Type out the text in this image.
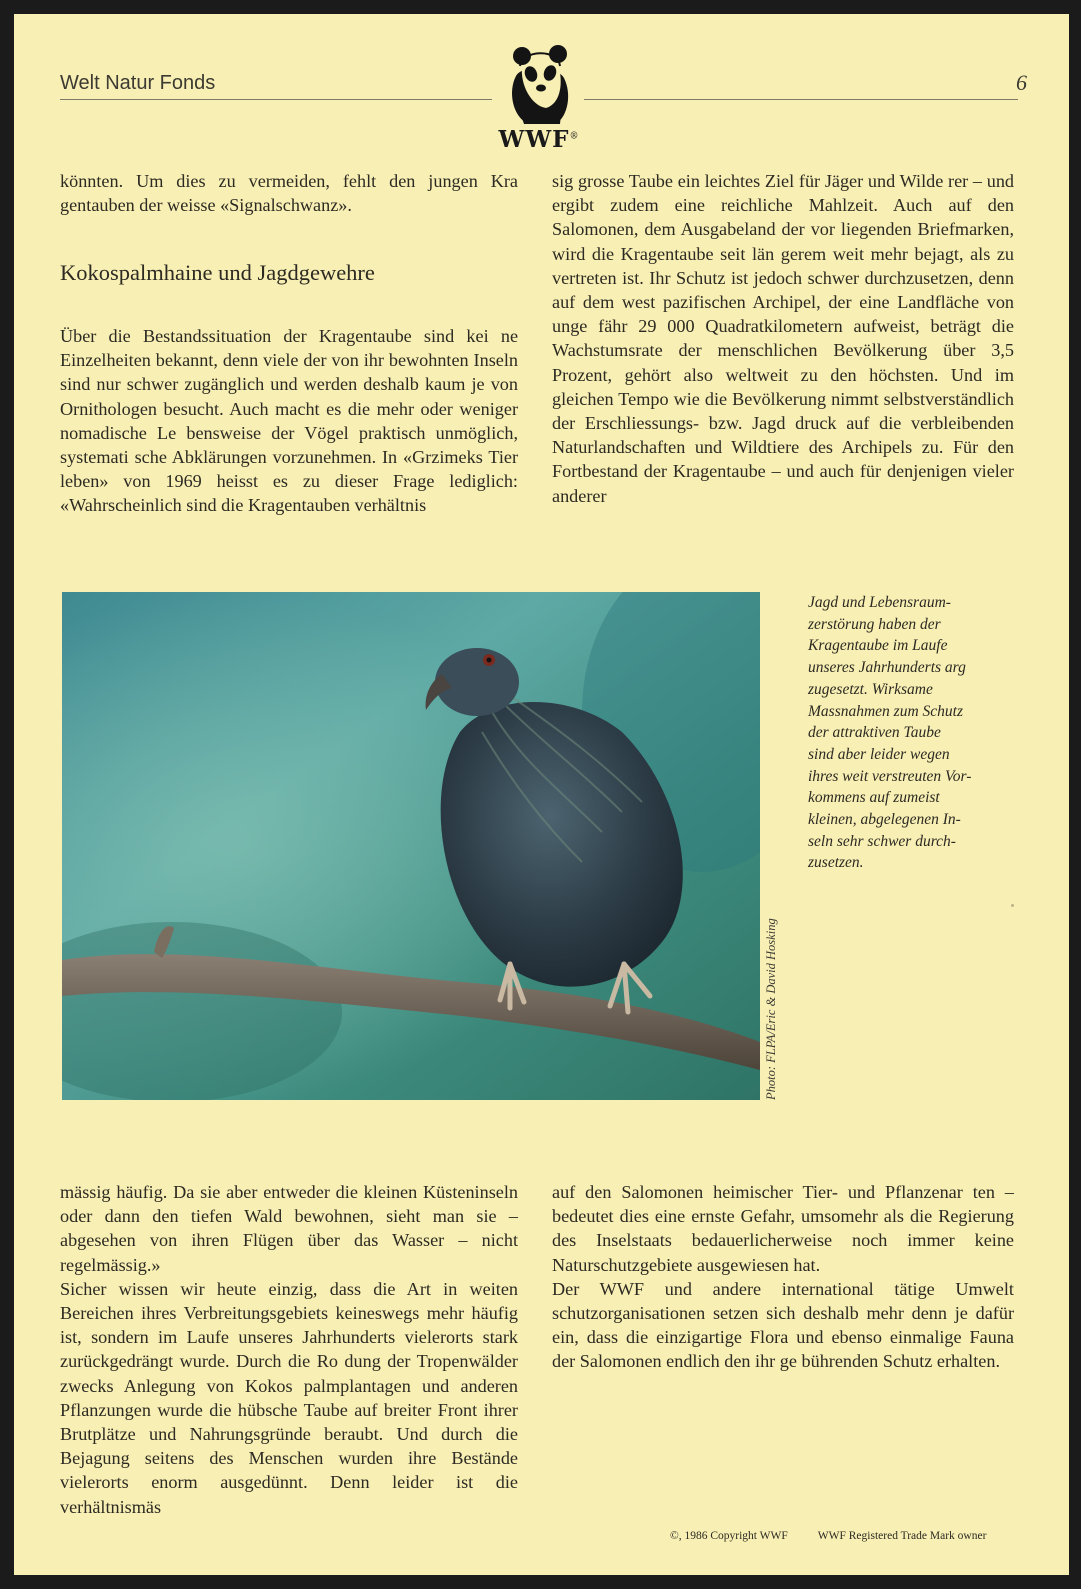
Welt Natur Fonds	6
WWF®

könnten. Um dies zu vermeiden, fehlt den jungen Kra gentauben der weisse «Signalschwanz».

Kokospalmhaine und Jagdgewehre

Über die Bestandssituation der Kragentaube sind kei ne Einzelheiten bekannt, denn viele der von ihr bewohnten Inseln sind nur schwer zugänglich und werden deshalb kaum je von Ornithologen besucht. Auch macht es die mehr oder weniger nomadische Le bensweise der Vögel praktisch unmöglich, systemati sche Abklärungen vorzunehmen. In «Grzimeks Tier leben» von 1969 heisst es zu dieser Frage lediglich: «Wahrscheinlich sind die Kragentauben verhältnis

sig grosse Taube ein leichtes Ziel für Jäger und Wilde rer – und ergibt zudem eine reichliche Mahlzeit. Auch auf den Salomonen, dem Ausgabeland der vor liegenden Briefmarken, wird die Kragentaube seit län gerem weit mehr bejagt, als zu vertreten ist. Ihr Schutz ist jedoch schwer durchzusetzen, denn auf dem west pazifischen Archipel, der eine Landfläche von unge fähr 29 000 Quadratkilometern aufweist, beträgt die Wachstumsrate der menschlichen Bevölkerung über 3,5 Prozent, gehört also weltweit zu den höchsten. Und im gleichen Tempo wie die Bevölkerung nimmt selbstverständlich der Erschliessungs- bzw. Jagd druck auf die verbleibenden Naturlandschaften und Wildtiere des Archipels zu. Für den Fortbestand der Kragentaube – und auch für denjenigen vieler anderer

Photo: FLPA/Eric & David Hosking

Jagd und Lebensraum-
zerstörung haben der
Kragentaube im Laufe
unseres Jahrhunderts arg
zugesetzt. Wirksame
Massnahmen zum Schutz
der attraktiven Taube
sind aber leider wegen
ihres weit verstreuten Vor-
kommens auf zumeist
kleinen, abgelegenen In-
seln sehr schwer durch-
zusetzen.

mässig häufig. Da sie aber entweder die kleinen Küsteninseln oder dann den tiefen Wald bewohnen, sieht man sie – abgesehen von ihren Flügen über das Wasser – nicht regelmässig.»
Sicher wissen wir heute einzig, dass die Art in weiten Bereichen ihres Verbreitungsgebiets keineswegs mehr häufig ist, sondern im Laufe unseres Jahrhunderts vielerorts stark zurückgedrängt wurde. Durch die Ro dung der Tropenwälder zwecks Anlegung von Kokos palmplantagen und anderen Pflanzungen wurde die hübsche Taube auf breiter Front ihrer Brutplätze und Nahrungsgründe beraubt. Und durch die Bejagung seitens des Menschen wurden ihre Bestände vielerorts enorm ausgedünnt. Denn leider ist die verhältnismäs

auf den Salomonen heimischer Tier- und Pflanzenar ten – bedeutet dies eine ernste Gefahr, umsomehr als die Regierung des Inselstaats bedauerlicherweise noch immer keine Naturschutzgebiete ausgewiesen hat.
Der WWF und andere international tätige Umwelt schutzorganisationen setzen sich deshalb mehr denn je dafür ein, dass die einzigartige Flora und ebenso einmalige Fauna der Salomonen endlich den ihr ge bührenden Schutz erhalten.

©, 1986 Copyright WWF	WWF Registered Trade Mark owner
